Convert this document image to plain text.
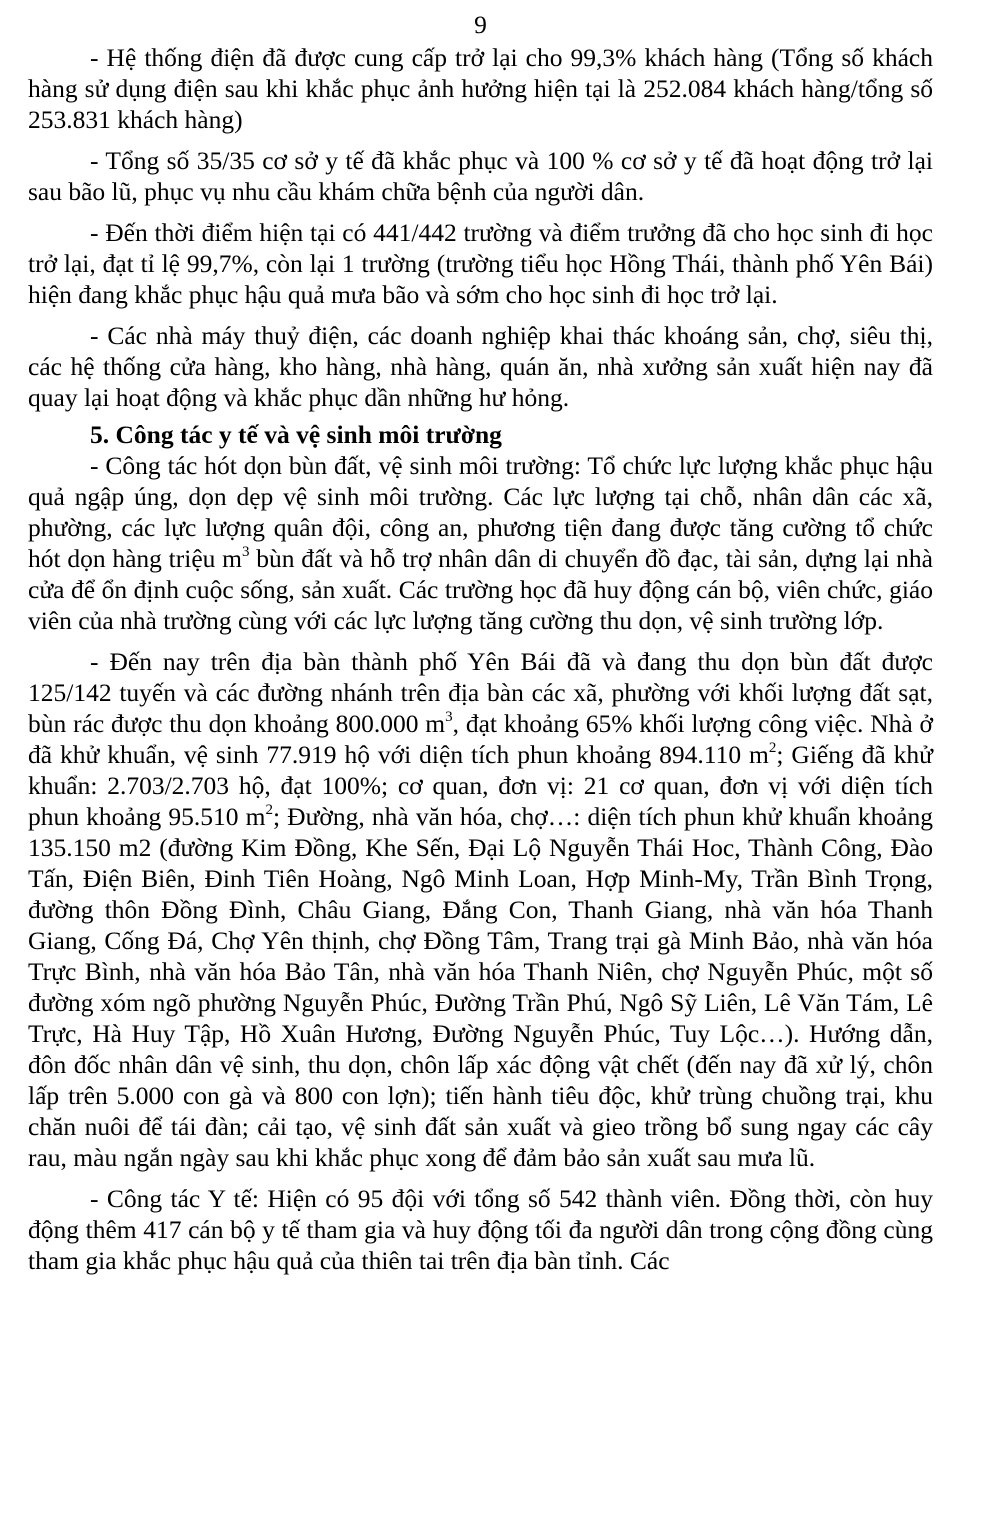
9

- Hệ thống điện đã được cung cấp trở lại cho 99,3% khách hàng (Tổng số khách hàng sử dụng điện sau khi khắc phục ảnh hưởng hiện tại là 252.084 khách hàng/tổng số 253.831 khách hàng)

- Tổng số 35/35 cơ sở y tế đã khắc phục và 100 % cơ sở y tế đã hoạt động trở lại sau bão lũ, phục vụ nhu cầu khám chữa bệnh của người dân.

- Đến thời điểm hiện tại có 441/442 trường và điểm trưởng đã cho học sinh đi học trở lại, đạt tỉ lệ 99,7%, còn lại 1 trường (trường tiểu học Hồng Thái, thành phố Yên Bái) hiện đang khắc phục hậu quả mưa bão và sớm cho học sinh đi học trở lại.

- Các nhà máy thuỷ điện, các doanh nghiệp khai thác khoáng sản, chợ, siêu thị, các hệ thống cửa hàng, kho hàng, nhà hàng, quán ăn, nhà xưởng sản xuất hiện nay đã quay lại hoạt động và khắc phục dần những hư hỏng.

5. Công tác y tế và vệ sinh môi trường

- Công tác hót dọn bùn đất, vệ sinh môi trường: Tổ chức lực lượng khắc phục hậu quả ngập úng, dọn dẹp vệ sinh môi trường. Các lực lượng tại chỗ, nhân dân các xã, phường, các lực lượng quân đội, công an, phương tiện đang được tăng cường tổ chức hót dọn hàng triệu $m^3$ bùn đất và hỗ trợ nhân dân di chuyển đồ đạc, tài sản, dựng lại nhà cửa để ổn định cuộc sống, sản xuất. Các trường học đã huy động cán bộ, viên chức, giáo viên của nhà trường cùng với các lực lượng tăng cường thu dọn, vệ sinh trường lớp.

- Đến nay trên địa bàn thành phố Yên Bái đã và đang thu dọn bùn đất được 125/142 tuyến và các đường nhánh trên địa bàn các xã, phường với khối lượng đất sạt, bùn rác được thu dọn khoảng 800.000 $m^3$, đạt khoảng 65% khối lượng công việc. Nhà ở đã khử khuẩn, vệ sinh 77.919 hộ với diện tích phun khoảng 894.110 $m^2$; Giếng đã khử khuẩn: 2.703/2.703 hộ, đạt 100%; cơ quan, đơn vị: 21 cơ quan, đơn vị với diện tích phun khoảng 95.510 $m^2$; Đường, nhà văn hóa, chợ…: diện tích phun khử khuẩn khoảng 135.150 m2 (đường Kim Đồng, Khe Sến, Đại Lộ Nguyễn Thái Hoc, Thành Công, Đào Tấn, Điện Biên, Đinh Tiên Hoàng, Ngô Minh Loan, Hợp Minh-My, Trần Bình Trọng, đường thôn Đồng Đình, Châu Giang, Đắng Con, Thanh Giang, nhà văn hóa Thanh Giang, Cống Đá, Chợ Yên thịnh, chợ Đồng Tâm, Trang trại gà Minh Bảo, nhà văn hóa Trực Bình, nhà văn hóa Bảo Tân, nhà văn hóa Thanh Niên, chợ Nguyễn Phúc, một số đường xóm ngõ phường Nguyễn Phúc, Đường Trần Phú, Ngô Sỹ Liên, Lê Văn Tám, Lê Trực, Hà Huy Tập, Hồ Xuân Hương, Đường Nguyễn Phúc, Tuy Lộc…). Hướng dẫn, đôn đốc nhân dân vệ sinh, thu dọn, chôn lấp xác động vật chết (đến nay đã xử lý, chôn lấp trên 5.000 con gà và 800 con lợn); tiến hành tiêu độc, khử trùng chuồng trại, khu chăn nuôi để tái đàn; cải tạo, vệ sinh đất sản xuất và gieo trồng bổ sung ngay các cây rau, màu ngắn ngày sau khi khắc phục xong để đảm bảo sản xuất sau mưa lũ.

- Công tác Y tế: Hiện có 95 đội với tổng số 542 thành viên. Đồng thời, còn huy động thêm 417 cán bộ y tế tham gia và huy động tối đa người dân trong cộng đồng cùng tham gia khắc phục hậu quả của thiên tai trên địa bàn tỉnh. Các
